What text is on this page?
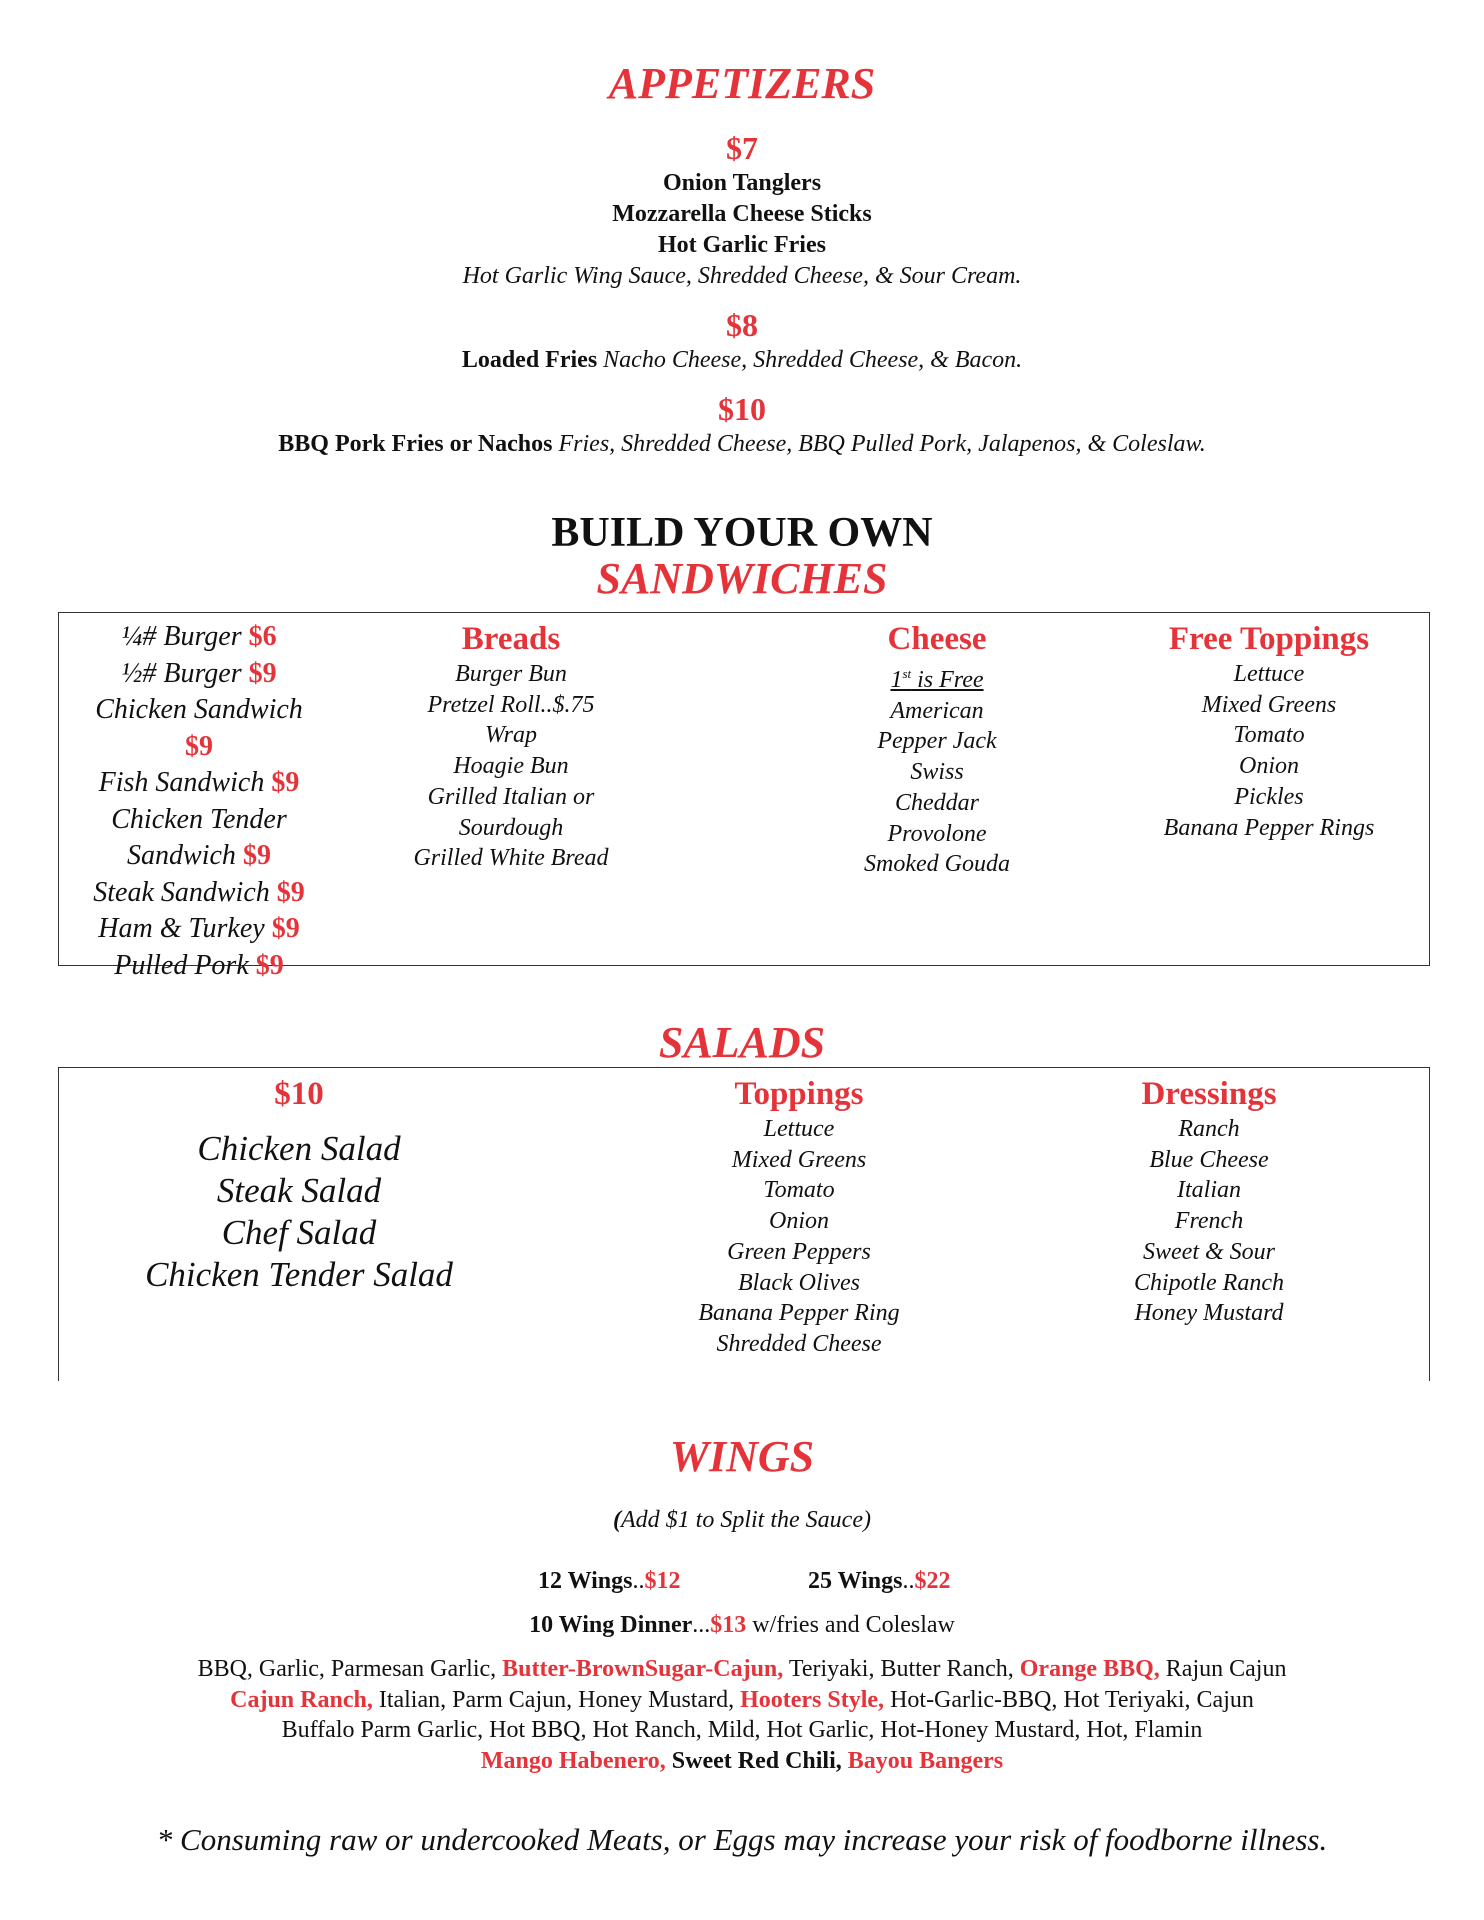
APPETIZERS
$7
Onion Tanglers
Mozzarella Cheese Sticks
Hot Garlic Fries
Hot Garlic Wing Sauce, Shredded Cheese, & Sour Cream.
$8
Loaded Fries Nacho Cheese, Shredded Cheese, & Bacon.
$10
BBQ Pork Fries or Nachos Fries, Shredded Cheese, BBQ Pulled Pork, Jalapenos, & Coleslaw.
BUILD YOUR OWN
SANDWICHES
¼# Burger $6
½# Burger $9
Chicken Sandwich $9
Fish Sandwich $9
Chicken Tender
Sandwich $9
Steak Sandwich $9
Ham & Turkey $9
Pulled Pork $9
Breads
Burger Bun
Pretzel Roll..$.75
Wrap
Hoagie Bun
Grilled Italian or Sourdough
Grilled White Bread
Cheese
1st is Free
American
Pepper Jack
Swiss
Cheddar
Provolone
Smoked Gouda
Free Toppings
Lettuce
Mixed Greens
Tomato
Onion
Pickles
Banana Pepper Rings
SALADS
$10
Chicken Salad
Steak Salad
Chef Salad
Chicken Tender Salad
Toppings
Lettuce
Mixed Greens
Tomato
Onion
Green Peppers
Black Olives
Banana Pepper Ring
Shredded Cheese
Dressings
Ranch
Blue Cheese
Italian
French
Sweet & Sour
Chipotle Ranch
Honey Mustard
WINGS
(Add $1 to Split the Sauce)
12 Wings..$12	25 Wings..$22
10 Wing Dinner...$13 w/fries and Coleslaw
BBQ, Garlic, Parmesan Garlic, Butter-BrownSugar-Cajun, Teriyaki, Butter Ranch, Orange BBQ, Rajun Cajun
Cajun Ranch, Italian, Parm Cajun, Honey Mustard, Hooters Style, Hot-Garlic-BBQ, Hot Teriyaki, Cajun
Buffalo Parm Garlic, Hot BBQ, Hot Ranch, Mild, Hot Garlic, Hot-Honey Mustard, Hot, Flamin
Mango Habenero, Sweet Red Chili, Bayou Bangers
* Consuming raw or undercooked Meats, or Eggs may increase your risk of foodborne illness.
